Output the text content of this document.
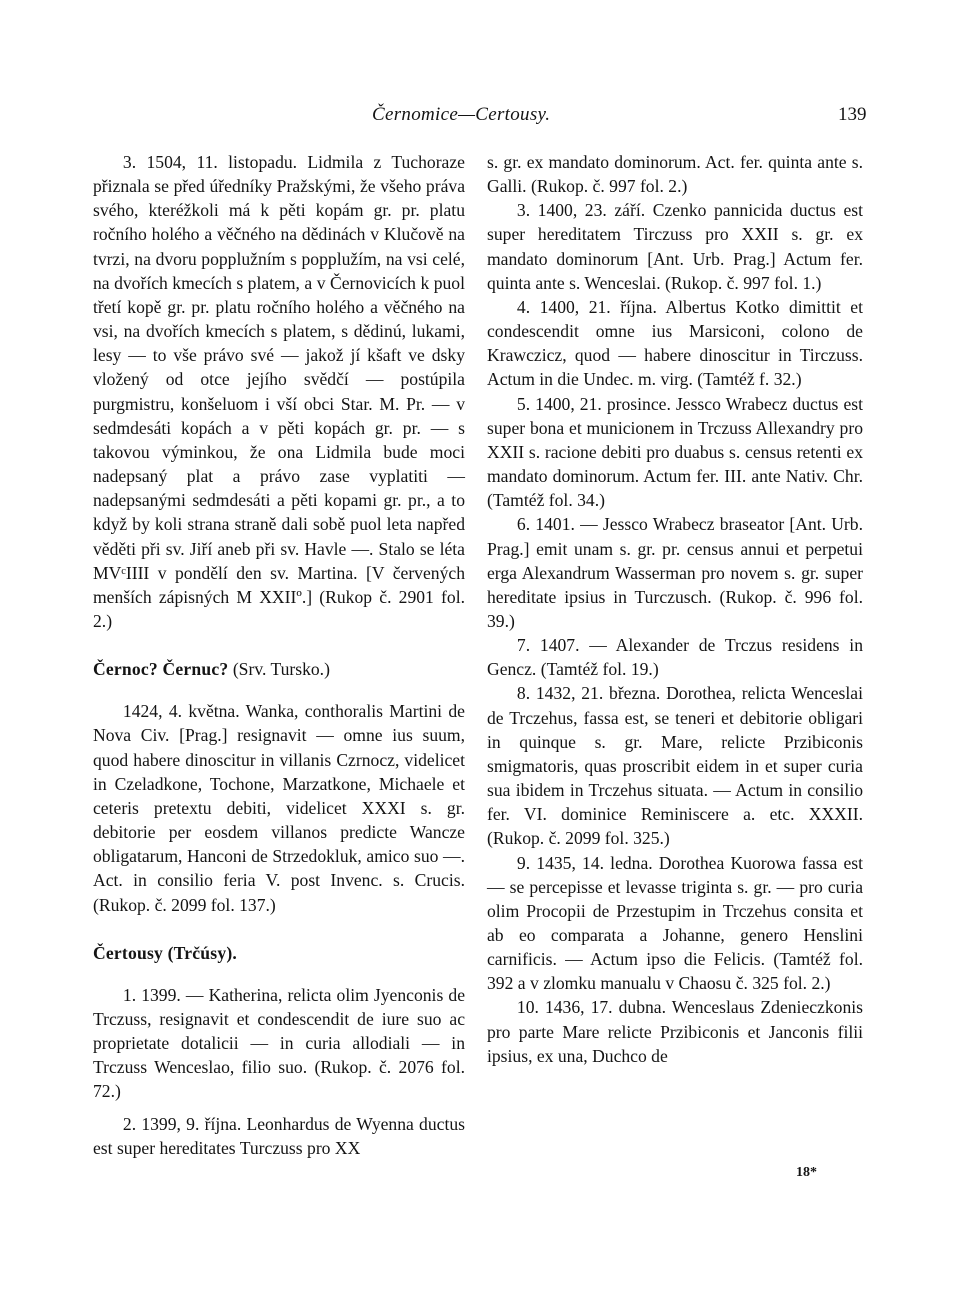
Černomice—Certousy.	139

3. 1504, 11. listopadu. Lidmila z Tuchoraze přiznala se před úředníky Pražskými, že všeho práva svého, kteréžkoli má k pěti kopám gr. pr. platu ročního holého a věčného na dědinách v Klučově na tvrzi, na dvoru popplužním s popplužím, na vsi celé, na dvořích kmecích s platem, a v Černovicích k puol třetí kopě gr. pr. platu ročního holého a věčného na vsi, na dvořích kmecích s platem, s dědinú, lukami, lesy — to vše právo své — jakož jí kšaft ve dsky vložený od otce jejího svědčí — postúpila purgmistru, konšeluom i vší obci Star. M. Pr. — v sedmdesáti kopách a v pěti kopách gr. pr. — s takovou výminkou, že ona Lidmila bude moci nadepsaný plat a právo zase vyplatiti — nadepsanými sedmdesáti a pěti kopami gr. pr., a to když by koli strana straně dali sobě puol leta napřed věděti při sv. Jiří aneb při sv. Havle —. Stalo se léta MVᶜIIII v pondělí den sv. Martina. [V červených menších zápisných M XXIIº.] (Rukop č. 2901 fol. 2.)

Černoc? Černuc? (Srv. Tursko.)

1424, 4. května. Wanka, conthoralis Martini de Nova Civ. [Prag.] resignavit — omne ius suum, quod habere dinoscitur in villanis Czrnocz, videlicet in Czeladkone, Tochone, Marzatkone, Michaele et ceteris pretextu debiti, videlicet XXXI s. gr. debitorie per eosdem villanos predicte Wancze obligatarum, Hanconi de Strzedokluk, amico suo —. Act. in consilio feria V. post Invenc. s. Crucis. (Rukop. č. 2099 fol. 137.)

Čertousy (Trčúsy).

1. 1399. — Katherina, relicta olim Jyenconis de Trczuss, resignavit et condescendit de iure suo ac proprietate dotalicii — in curia allodiali — in Trczuss Wenceslao, filio suo. (Rukop. č. 2076 fol. 72.)

2. 1399, 9. října. Leonhardus de Wyenna ductus est super hereditates Turczuss pro XX

s. gr. ex mandato dominorum. Act. fer. quinta ante s. Galli. (Rukop. č. 997 fol. 2.)

3. 1400, 23. září. Czenko pannicida ductus est super hereditatem Tirczuss pro XXII s. gr. ex mandato dominorum [Ant. Urb. Prag.] Actum fer. quinta ante s. Wenceslai. (Rukop. č. 997 fol. 1.)

4. 1400, 21. října. Albertus Kotko dimittit et condescendit omne ius Marsiconi, colono de Krawczicz, quod — habere dinoscitur in Tirczuss. Actum in die Undec. m. virg. (Tamtéž f. 32.)

5. 1400, 21. prosince. Jessco Wrabecz ductus est super bona et municionem in Trczuss Allexandry pro XXII s. racione debiti pro duabus s. census retenti ex mandato dominorum. Actum fer. III. ante Nativ. Chr. (Tamtéž fol. 34.)

6. 1401. — Jessco Wrabecz braseator [Ant. Urb. Prag.] emit unam s. gr. pr. census annui et perpetui erga Alexandrum Wasserman pro novem s. gr. super hereditate ipsius in Turczusch. (Rukop. č. 996 fol. 39.)

7. 1407. — Alexander de Trczus residens in Gencz. (Tamtéž fol. 19.)

8. 1432, 21. března. Dorothea, relicta Wenceslai de Trczehus, fassa est, se teneri et debitorie obligari in quinque s. gr. Mare, relicte Przibiconis smigmatoris, quas proscribit eidem in et super curia sua ibidem in Trczehus situata. — Actum in consilio fer. VI. dominice Reminiscere a. etc. XXXII. (Rukop. č. 2099 fol. 325.)

9. 1435, 14. ledna. Dorothea Kuorowa fassa est — se percepisse et levasse triginta s. gr. — pro curia olim Procopii de Przestupim in Trczehus consita et ab eo comparata a Johanne, genero Henslini carnificis. — Actum ipso die Felicis. (Tamtéž fol. 392 a v zlomku manualu v Chaosu č. 325 fol. 2.)

10. 1436, 17. dubna. Wenceslaus Zdenieczkonis pro parte Mare relicte Przibiconis et Janconis filii ipsius, ex una, Duchco de

18*
